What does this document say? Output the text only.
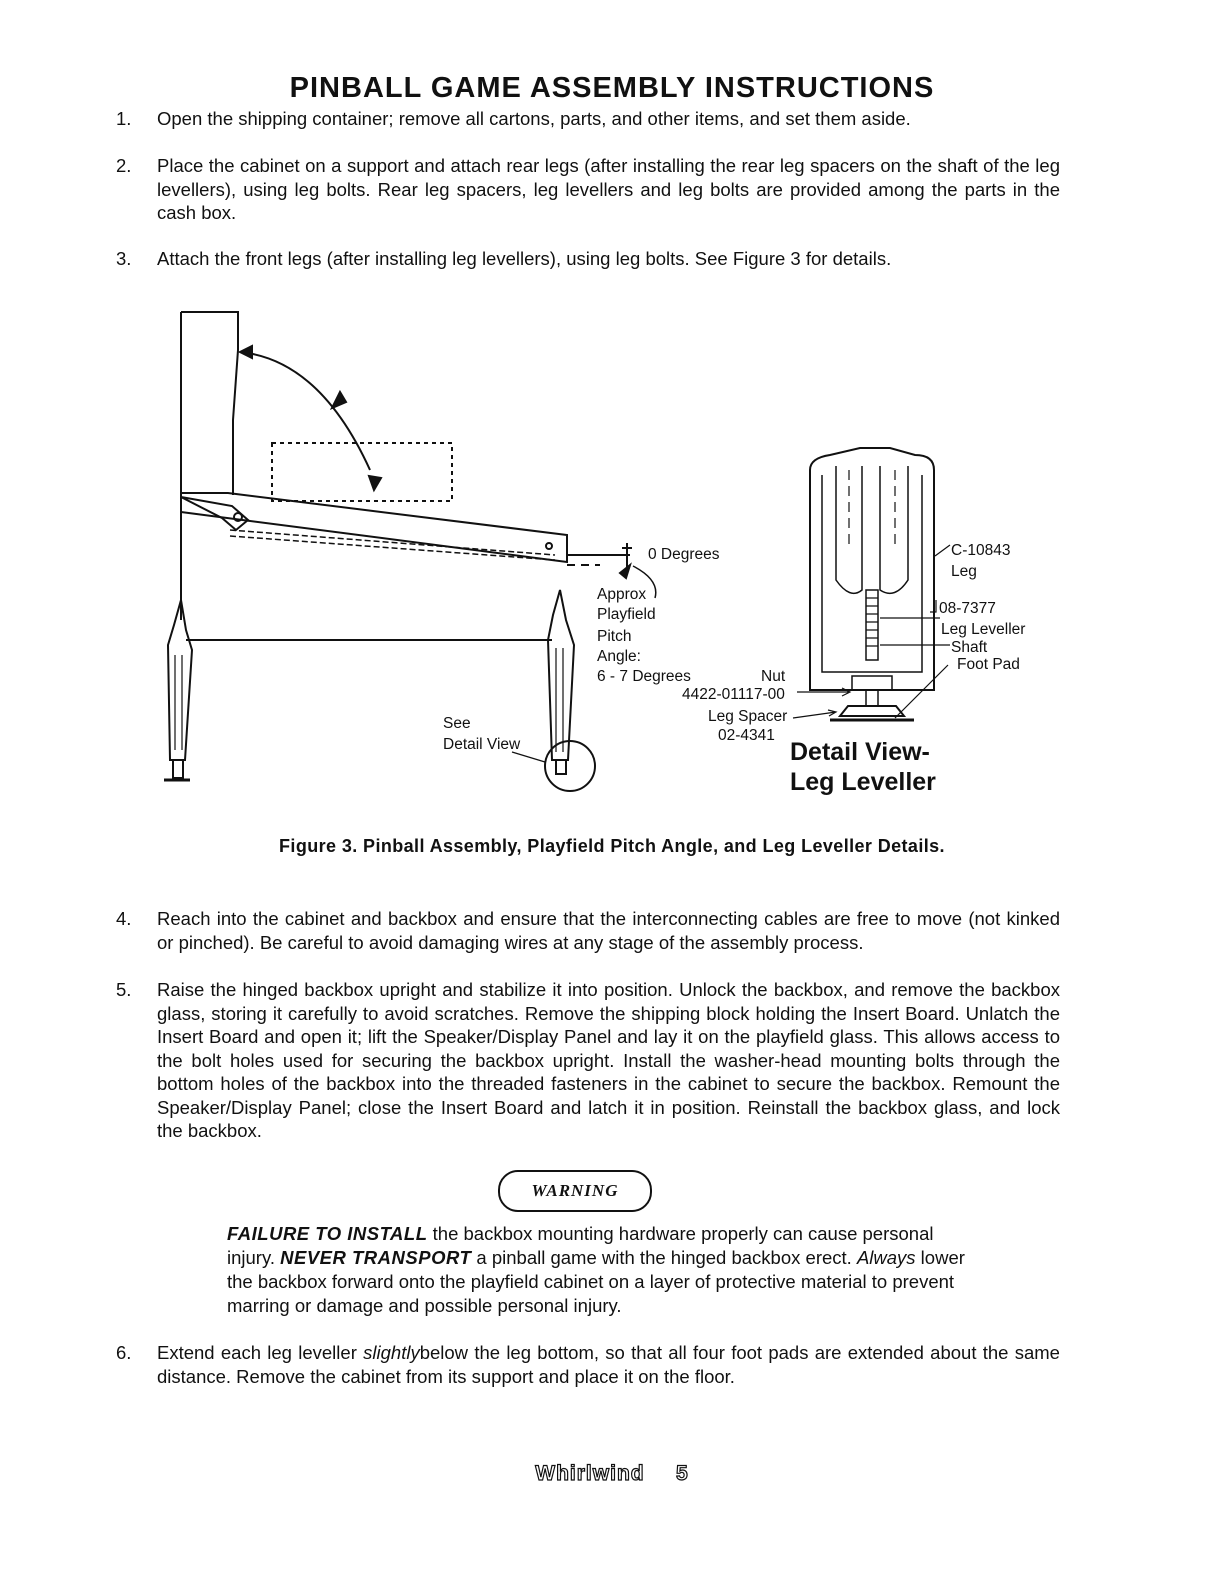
PINBALL GAME ASSEMBLY INSTRUCTIONS
1. Open the shipping container; remove all cartons, parts, and other items, and set them aside.
2. Place the cabinet on a support and attach rear legs (after installing the rear leg spacers on the shaft of the leg levellers), using leg bolts. Rear leg spacers, leg levellers and leg bolts are provided among the parts in the cash box.
3. Attach the front legs (after installing leg levellers), using leg bolts. See Figure 3 for details.
0 Degrees
Approx
Playfield
Pitch
Angle:
6 - 7 Degrees
See
Detail View
Nut
4422-01117-00
Leg Spacer
02-4341
C-10843
Leg
08-7377
Leg Leveller
Shaft
Foot Pad
Detail View-
Leg Leveller
Figure 3. Pinball Assembly, Playfield Pitch Angle, and Leg Leveller Details.
4. Reach into the cabinet and backbox and ensure that the interconnecting cables are free to move (not kinked or pinched). Be careful to avoid damaging wires at any stage of the assembly process.
5. Raise the hinged backbox upright and stabilize it into position. Unlock the backbox, and remove the backbox glass, storing it carefully to avoid scratches. Remove the shipping block holding the Insert Board. Unlatch the Insert Board and open it; lift the Speaker/Display Panel and lay it on the playfield glass. This allows access to the bolt holes used for securing the backbox upright. Install the washer-head mounting bolts through the bottom holes of the backbox into the threaded fasteners in the cabinet to secure the backbox. Remount the Speaker/Display Panel; close the Insert Board and latch it in position. Reinstall the backbox glass, and lock the backbox.
WARNING
FAILURE TO INSTALL the backbox mounting hardware properly can cause personal injury. NEVER TRANSPORT a pinball game with the hinged backbox erect. Always lower the backbox forward onto the playfield cabinet on a layer of protective material to prevent marring or damage and possible personal injury.
6. Extend each leg leveller slightlybelow the leg bottom, so that all four foot pads are extended about the same distance. Remove the cabinet from its support and place it on the floor.
Whirlwind 5
